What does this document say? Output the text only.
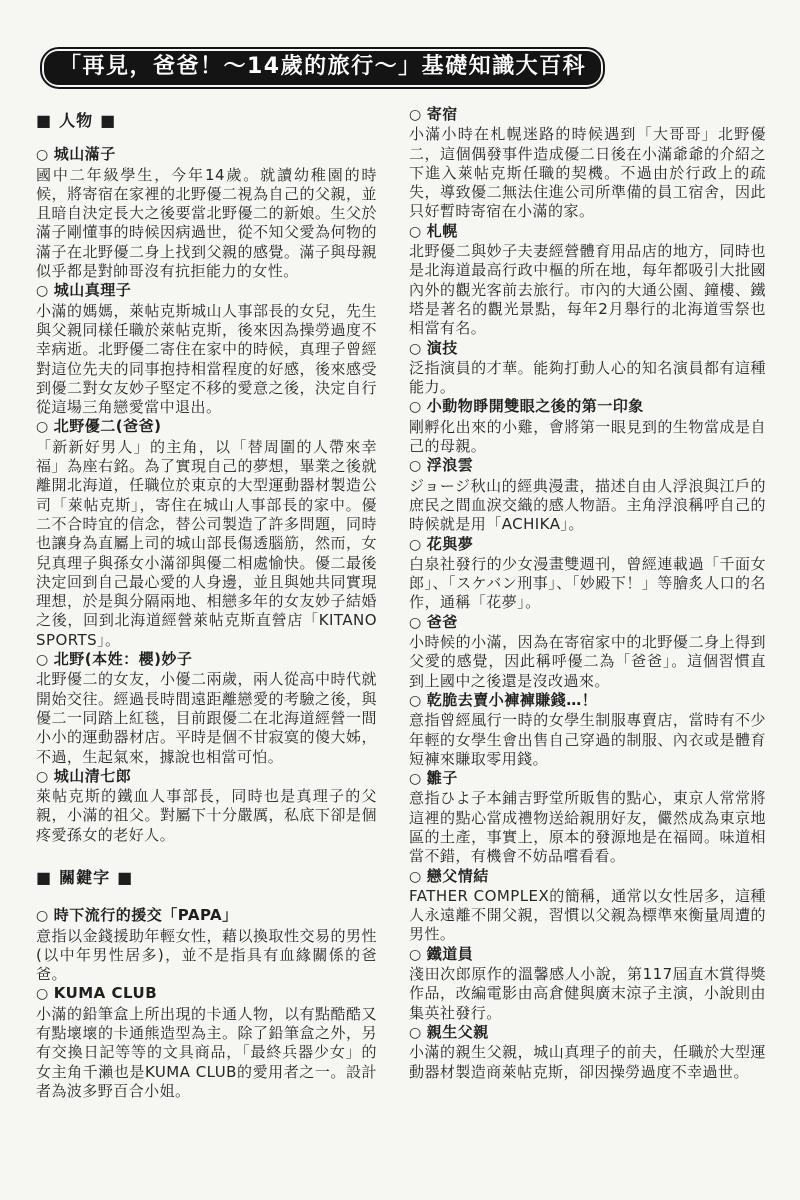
「再見，爸爸！～14歲的旅行～」基礎知識大百科
■ 人物 ■
○ 城山滿子

國中二年級學生，今年14歲。就讀幼稚園的時候，將寄宿在家裡的北野優二視為自己的父親，並且暗自決定長大之後要當北野優二的新娘。生父於滿子剛懂事的時候因病過世，從不知父愛為何物的滿子在北野優二身上找到父親的感覺。滿子與母親似乎都是對帥哥沒有抗拒能力的女性。

○ 城山真理子

小滿的媽媽，萊帖克斯城山人事部長的女兒，先生與父親同樣任職於萊帖克斯，後來因為操勞過度不幸病逝。北野優二寄住在家中的時候，真理子曾經對這位先夫的同事抱持相當程度的好感，後來感受到優二對女友妙子堅定不移的愛意之後，決定自行從這場三角戀愛當中退出。

○ 北野優二(爸爸)

「新新好男人」的主角，以「替周圍的人帶來幸福」為座右銘。為了實現自己的夢想，畢業之後就離開北海道，任職位於東京的大型運動器材製造公司「萊帖克斯」，寄住在城山人事部長的家中。優二不合時宜的信念，替公司製造了許多問題，同時也讓身為直屬上司的城山部長傷透腦筋，然而，女兒真理子與孫女小滿卻與優二相處愉快。優二最後決定回到自己最心愛的人身邊，並且與她共同實現理想，於是與分隔兩地、相戀多年的女友妙子結婚之後，回到北海道經營萊帖克斯直營店「KITANO SPORTS」。

○ 北野(本姓：櫻)妙子

北野優二的女友，小優二兩歲，兩人從高中時代就開始交往。經過長時間遠距離戀愛的考驗之後，與優二一同踏上紅毯，目前跟優二在北海道經營一間小小的運動器材店。平時是個不甘寂寞的傻大姊，不過，生起氣來，據說也相當可怕。

○ 城山清七郎

萊帖克斯的鐵血人事部長，同時也是真理子的父親，小滿的祖父。對屬下十分嚴厲，私底下卻是個疼愛孫女的老好人。

■ 關鍵字 ■
○ 時下流行的援交「PAPA」

意指以金錢援助年輕女性，藉以換取性交易的男性(以中年男性居多)，並不是指具有血緣關係的爸爸。

○ KUMA CLUB

小滿的鉛筆盒上所出現的卡通人物，以有點酷酷又有點壞壞的卡通熊造型為主。除了鉛筆盒之外，另有交換日記等等的文具商品，「最終兵器少女」的女主角千瀨也是KUMA CLUB的愛用者之一。設計者為波多野百合小姐。

○ 寄宿

小滿小時在札幌迷路的時候遇到「大哥哥」北野優二，這個偶發事件造成優二日後在小滿爺爺的介紹之下進入萊帖克斯任職的契機。不過由於行政上的疏失，導致優二無法住進公司所準備的員工宿舍，因此只好暫時寄宿在小滿的家。

○ 札幌

北野優二與妙子夫妻經營體育用品店的地方，同時也是北海道最高行政中樞的所在地，每年都吸引大批國內外的觀光客前去旅行。市內的大通公園、鐘樓、鐵塔是著名的觀光景點，每年2月舉行的北海道雪祭也相當有名。

○ 演技

泛指演員的才華。能夠打動人心的知名演員都有這種能力。

○ 小動物睜開雙眼之後的第一印象

剛孵化出來的小雞，會將第一眼見到的生物當成是自己的母親。

○ 浮浪雲

ジョージ秋山的經典漫畫，描述自由人浮浪與江戶的庶民之間血淚交織的感人物語。主角浮浪稱呼自己的時候就是用「ACHIKA」。

○ 花與夢

白泉社發行的少女漫畫雙週刊，曾經連載過「千面女郎」、「スケバン刑事」、「妙殿下！」等膾炙人口的名作，通稱「花夢」。

○ 爸爸

小時候的小滿，因為在寄宿家中的北野優二身上得到父愛的感覺，因此稱呼優二為「爸爸」。這個習慣直到上國中之後還是沒改過來。

○ 乾脆去賣小褲褲賺錢…！

意指曾經風行一時的女學生制服專賣店，當時有不少年輕的女學生會出售自己穿過的制服、內衣或是體育短褲來賺取零用錢。

○ 雛子

意指ひよ子本鋪吉野堂所販售的點心，東京人常常將這裡的點心當成禮物送給親朋好友，儼然成為東京地區的土產，事實上，原本的發源地是在福岡。味道相當不錯，有機會不妨品嚐看看。

○ 戀父情結

FATHER COMPLEX的簡稱，通常以女性居多，這種人永遠離不開父親，習慣以父親為標準來衡量周遭的男性。

○ 鐵道員

淺田次郎原作的溫馨感人小說，第117屆直木賞得獎作品，改編電影由高倉健與廣末涼子主演，小說則由集英社發行。

○ 親生父親

小滿的親生父親，城山真理子的前夫，任職於大型運動器材製造商萊帖克斯，卻因操勞過度不幸過世。
